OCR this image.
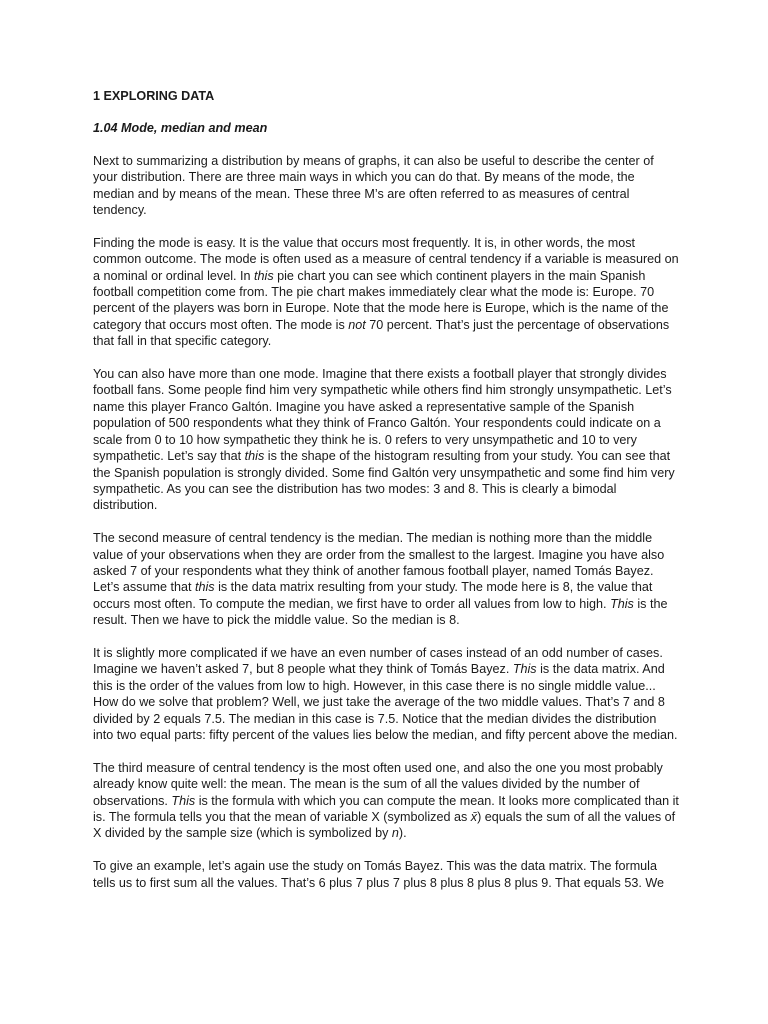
1 EXPLORING DATA
1.04 Mode, median and mean

Next to summarizing a distribution by means of graphs, it can also be useful to describe the center of your distribution. There are three main ways in which you can do that. By means of the mode, the median and by means of the mean. These three M’s are often referred to as measures of central tendency.

Finding the mode is easy. It is the value that occurs most frequently. It is, in other words, the most common outcome. The mode is often used as a measure of central tendency if a variable is measured on a nominal or ordinal level. In this pie chart you can see which continent players in the main Spanish football competition come from. The pie chart makes immediately clear what the mode is: Europe. 70 percent of the players was born in Europe. Note that the mode here is Europe, which is the name of the category that occurs most often. The mode is not 70 percent. That’s just the percentage of observations that fall in that specific category.

You can also have more than one mode. Imagine that there exists a football player that strongly divides football fans. Some people find him very sympathetic while others find him strongly unsympathetic. Let’s name this player Franco Galtón. Imagine you have asked a representative sample of the Spanish population of 500 respondents what they think of Franco Galtón. Your respondents could indicate on a scale from 0 to 10 how sympathetic they think he is. 0 refers to very unsympathetic and 10 to very sympathetic. Let’s say that this is the shape of the histogram resulting from your study. You can see that the Spanish population is strongly divided. Some find Galtón very unsympathetic and some find him very sympathetic. As you can see the distribution has two modes: 3 and 8. This is clearly a bimodal distribution.

The second measure of central tendency is the median. The median is nothing more than the middle value of your observations when they are order from the smallest to the largest. Imagine you have also asked 7 of your respondents what they think of another famous football player, named Tomás Bayez. Let’s assume that this is the data matrix resulting from your study. The mode here is 8, the value that occurs most often. To compute the median, we first have to order all values from low to high. This is the result. Then we have to pick the middle value. So the median is 8.

It is slightly more complicated if we have an even number of cases instead of an odd number of cases. Imagine we haven’t asked 7, but 8 people what they think of Tomás Bayez. This is the data matrix. And this is the order of the values from low to high. However, in this case there is no single middle value... How do we solve that problem? Well, we just take the average of the two middle values. That’s 7 and 8 divided by 2 equals 7.5. The median in this case is 7.5. Notice that the median divides the distribution into two equal parts: fifty percent of the values lies below the median, and fifty percent above the median.

The third measure of central tendency is the most often used one, and also the one you most probably already know quite well: the mean. The mean is the sum of all the values divided by the number of observations. This is the formula with which you can compute the mean. It looks more complicated than it is. The formula tells you that the mean of variable X (symbolized as x̄) equals the sum of all the values of X divided by the sample size (which is symbolized by n).

To give an example, let’s again use the study on Tomás Bayez. This was the data matrix. The formula tells us to first sum all the values. That’s 6 plus 7 plus 7 plus 8 plus 8 plus 8 plus 9. That equals 53. We
